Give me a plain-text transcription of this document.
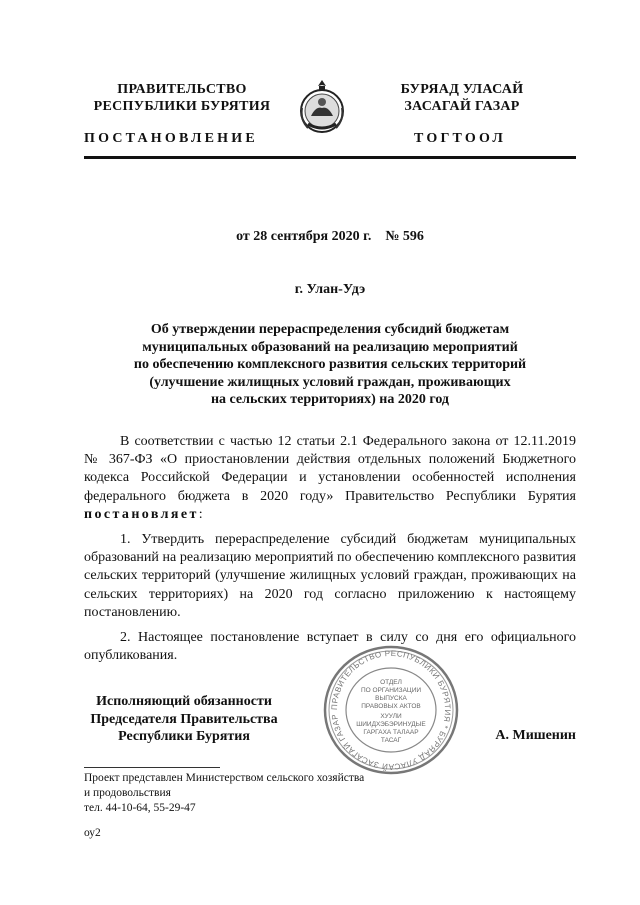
ПРАВИТЕЛЬСТВО
РЕСПУБЛИКИ БУРЯТИЯ
БУРЯАД УЛАСАЙ
ЗАСАГАЙ ГАЗАР
ПОСТАНОВЛЕНИЕ	ТОГТООЛ
от 28 сентября 2020 г.    № 596
г. Улан-Удэ
Об утверждении перераспределения субсидий бюджетам
муниципальных образований на реализацию мероприятий
по обеспечению комплексного развития сельских территорий
(улучшение жилищных условий граждан, проживающих
на сельских территориях) на 2020 год
В соответствии с частью 12 статьи 2.1 Федерального закона от 12.11.2019 № 367-ФЗ «О приостановлении действия отдельных положений Бюджетного кодекса Российской Федерации и установлении особенностей исполнения федерального бюджета в 2020 году» Правительство Республики Бурятия постановляет:
1. Утвердить перераспределение субсидий бюджетам муниципальных образований на реализацию мероприятий по обеспечению комплексного развития сельских территорий (улучшение жилищных условий граждан, проживающих на сельских территориях) на 2020 год согласно приложению к настоящему постановлению.
2. Настоящее постановление вступает в силу со дня его официального опубликования.
Исполняющий обязанности
Председателя Правительства
Республики Бурятия
ПРАВИТЕЛЬСТВО РЕСПУБЛИКИ БУРЯТИЯ * БУРЯАД УЛАСАЙ ЗАСАГАЙ ГАЗАР
ОТДЕЛ
ПО ОРГАНИЗАЦИИ
ВЫПУСКА
ПРАВОВЫХ АКТОВ
ХУУЛИ
ШИИДХЭБЭРИНУДЫЕ
ГАРГАХА ТАЛААР
ТАСАГ	А. Мишенин
Проект представлен Министерством сельского хозяйства
и продовольствия
тел. 44-10-64, 55-29-47
оу2
